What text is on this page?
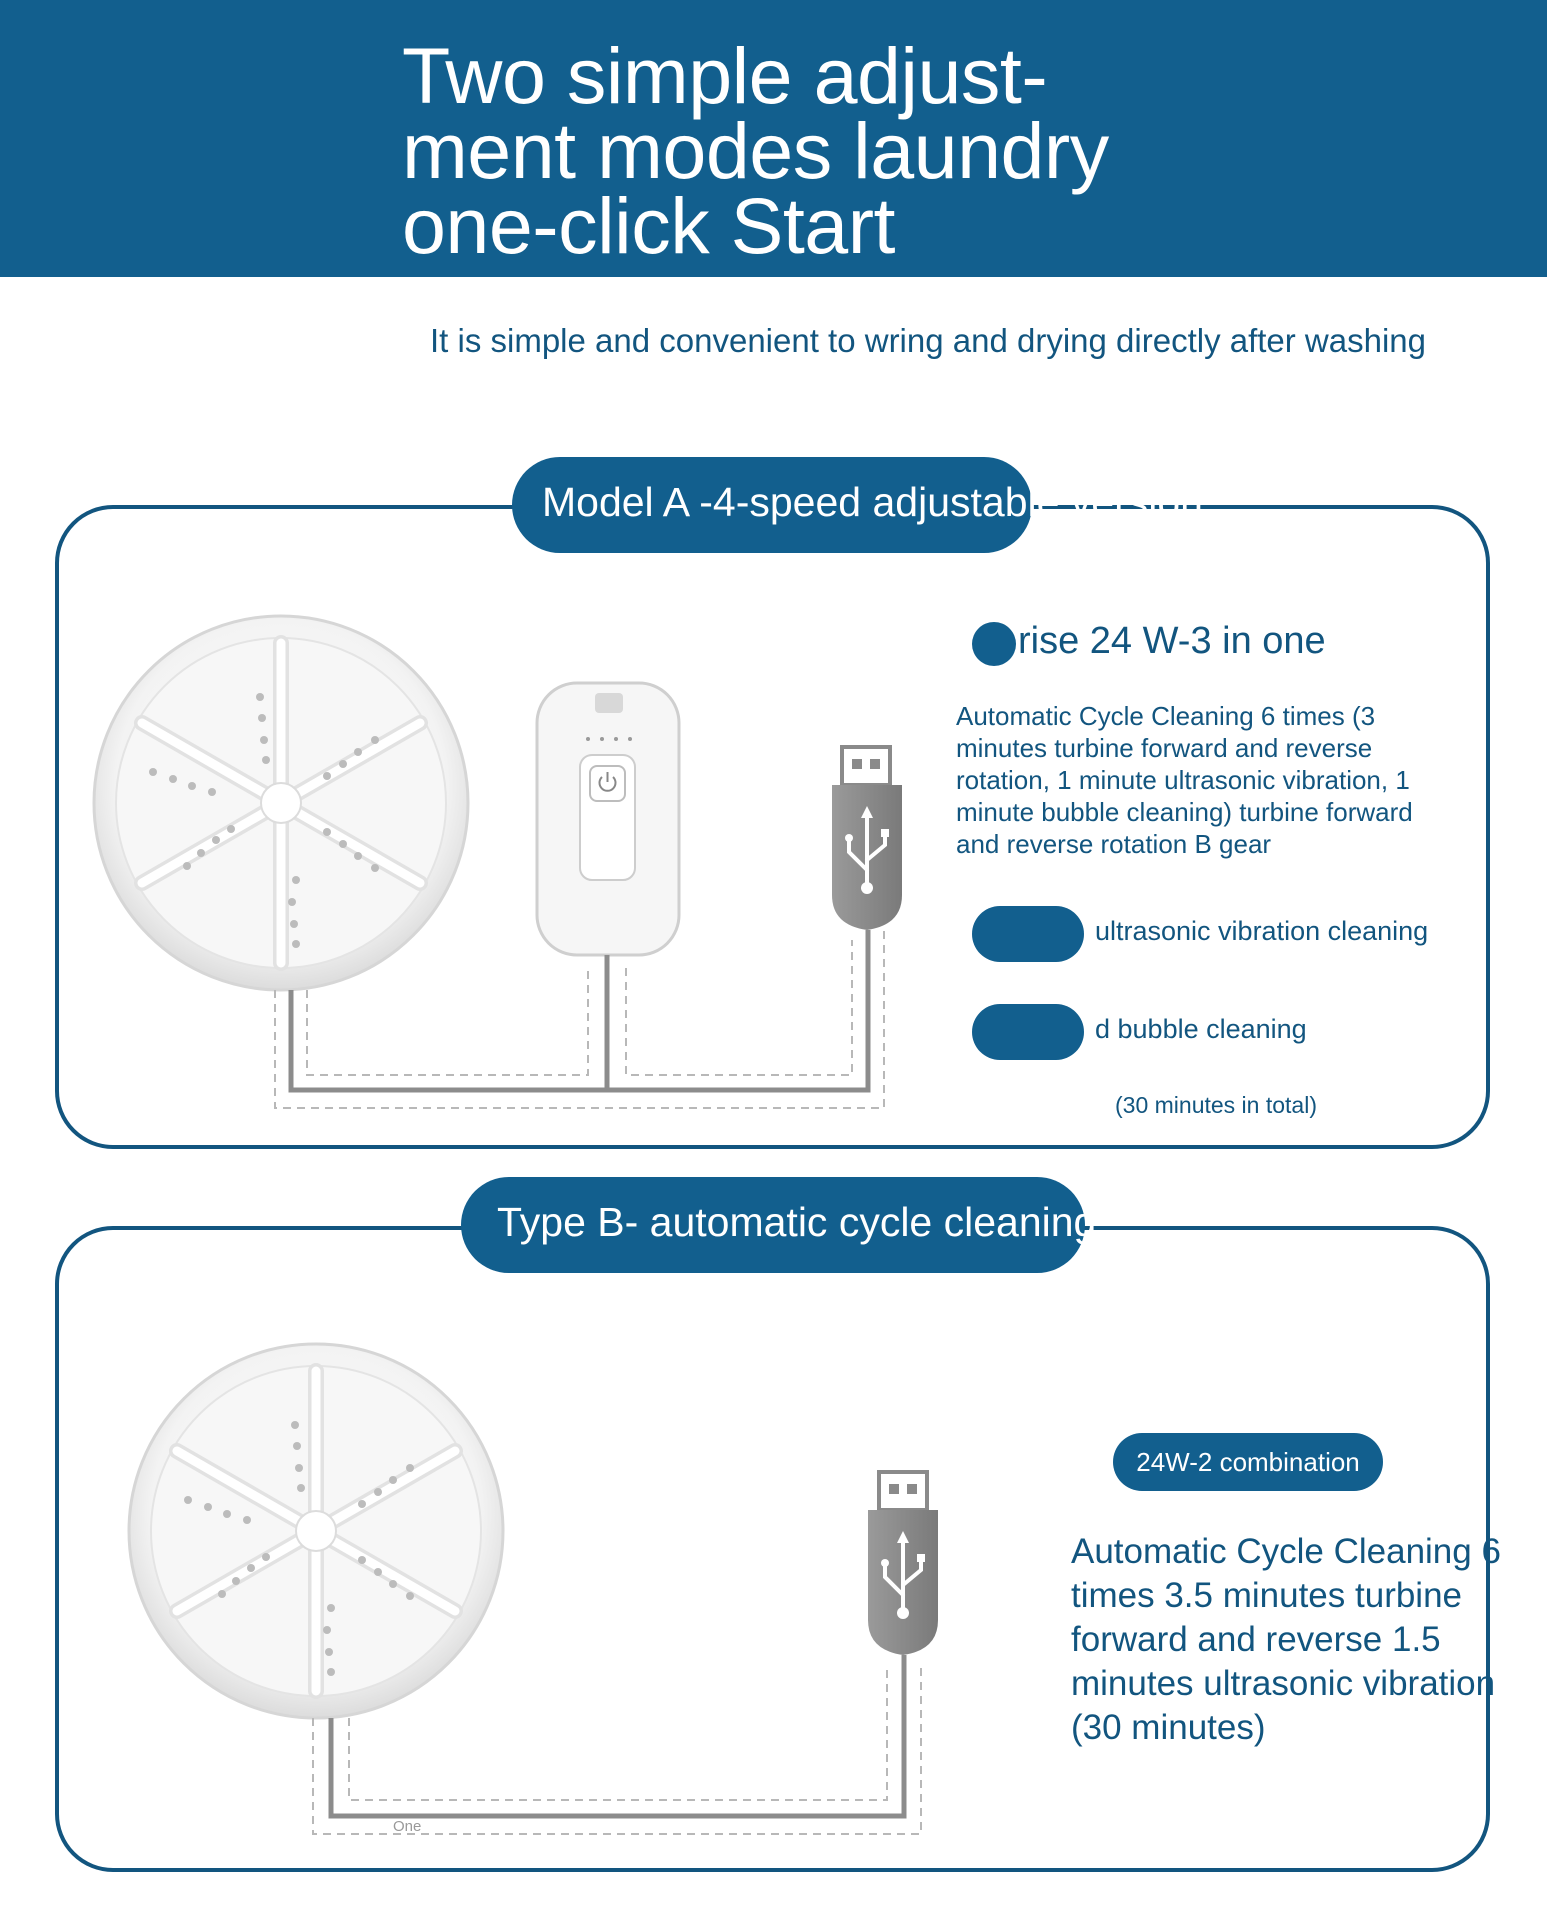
Two simple adjust-
ment modes laundry
one-click Start
It is simple and convenient to wring and drying directly after washing
Model A -4-speed adjustable version
rise 24 W-3 in one
Automatic Cycle Cleaning 6 times (3 minutes turbine forward and reverse rotation, 1 minute ultrasonic vibration, 1 minute bubble cleaning) turbine forward and reverse rotation B gear
ultrasonic vibration cleaning
d bubble cleaning
(30 minutes in total)
Type B- automatic cycle cleaning
24W-2 combination
Automatic Cycle Cleaning 6 times 3.5 minutes turbine forward and reverse 1.5 minutes ultrasonic vibration (30 minutes)
One
